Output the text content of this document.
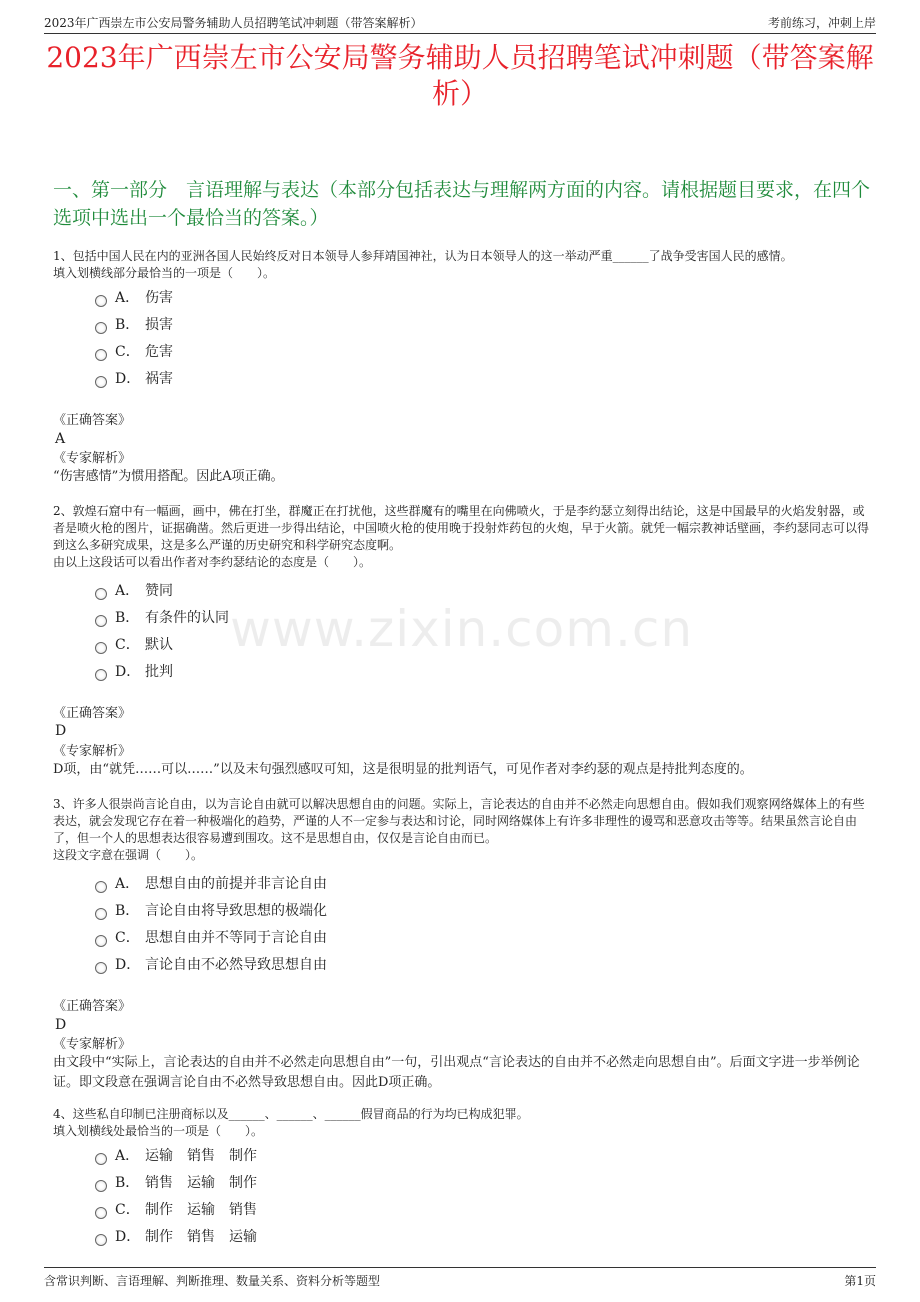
2023年广西崇左市公安局警务辅助人员招聘笔试冲刺题（带答案解析）	考前练习，冲刺上岸
2023年广西崇左市公安局警务辅助人员招聘笔试冲刺题（带答案解析）
一、第一部分　言语理解与表达（本部分包括表达与理解两方面的内容。请根据题目要求，在四个选项中选出一个最恰当的答案。）
www.zixin.com.cn

1、包括中国人民在内的亚洲各国人民始终反对日本领导人参拜靖国神社，认为日本领导人的这一举动严重______了战争受害国人民的感情。

填入划横线部分最恰当的一项是（　　）。

A． 伤害
B． 损害
C． 危害
D． 祸害
《正确答案》
A
《专家解析》
“伤害感情”为惯用搭配。因此A项正确。

2、敦煌石窟中有一幅画，画中，佛在打坐，群魔正在打扰他，这些群魔有的嘴里在向佛喷火，于是李约瑟立刻得出结论，这是中国最早的火焰发射器，或者是喷火枪的图片，证据确凿。然后更进一步得出结论，中国喷火枪的使用晚于投射炸药包的火炮，早于火箭。就凭一幅宗教神话壁画，李约瑟同志可以得到这么多研究成果，这是多么严谨的历史研究和科学研究态度啊。

由以上这段话可以看出作者对李约瑟结论的态度是（　　）。

A． 赞同
B． 有条件的认同
C． 默认
D． 批判
《正确答案》
D
《专家解析》
D项，由“就凭……可以……”以及末句强烈感叹可知，这是很明显的批判语气，可见作者对李约瑟的观点是持批判态度的。

3、许多人很崇尚言论自由，以为言论自由就可以解决思想自由的问题。实际上，言论表达的自由并不必然走向思想自由。假如我们观察网络媒体上的有些表达，就会发现它存在着一种极端化的趋势，严谨的人不一定参与表达和讨论，同时网络媒体上有许多非理性的谩骂和恶意攻击等等。结果虽然言论自由了，但一个人的思想表达很容易遭到围攻。这不是思想自由，仅仅是言论自由而已。

这段文字意在强调（　　）。

A． 思想自由的前提并非言论自由
B． 言论自由将导致思想的极端化
C． 思想自由并不等同于言论自由
D． 言论自由不必然导致思想自由
《正确答案》
D
《专家解析》
由文段中“实际上，言论表达的自由并不必然走向思想自由”一句，引出观点“言论表达的自由并不必然走向思想自由”。后面文字进一步举例论证。即文段意在强调言论自由不必然导致思想自由。因此D项正确。

4、这些私自印制已注册商标以及______、______、______假冒商品的行为均已构成犯罪。

填入划横线处最恰当的一项是（　　）。

A． 运输　销售　制作
B． 销售　运输　制作
C． 制作　运输　销售
D． 制作　销售　运输
含常识判断、言语理解、判断推理、数量关系、资料分析等题型	第1页
